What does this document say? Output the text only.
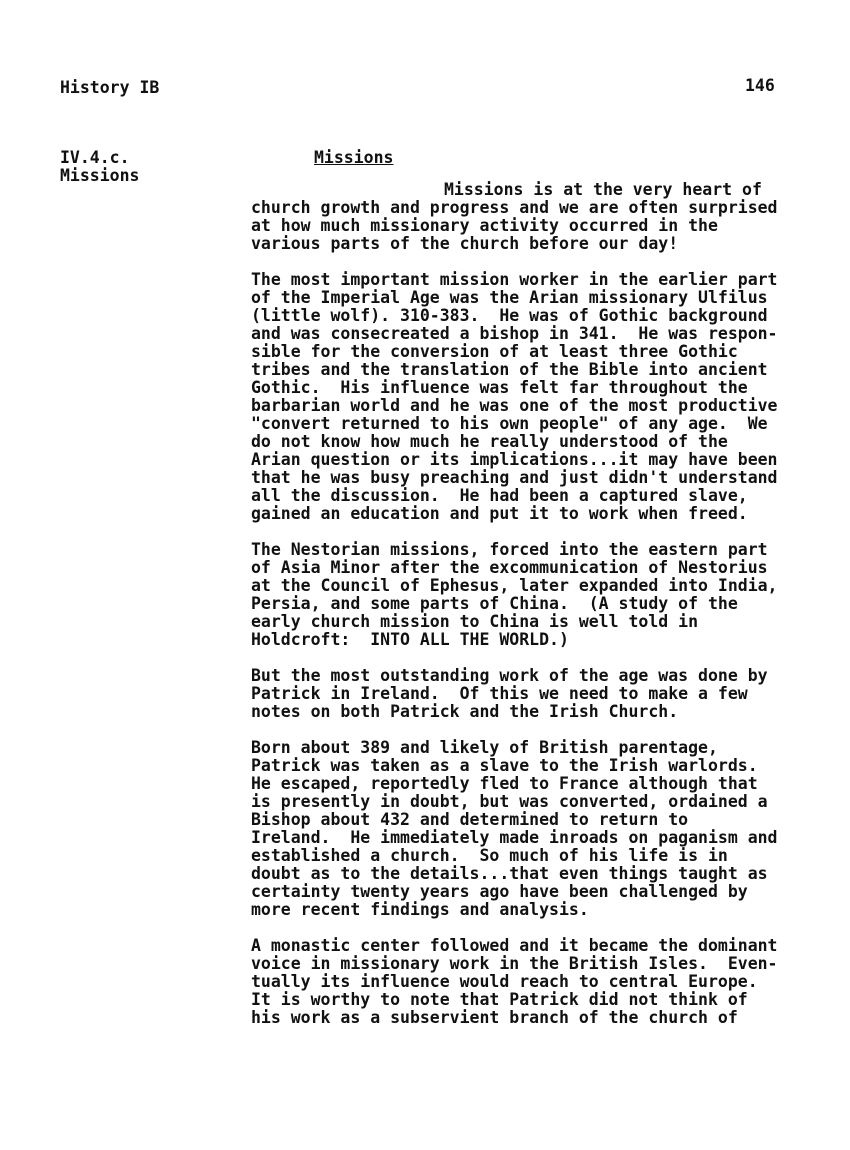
History IB	146
IV.4.c.
Missions
Missions
Missions is at the very heart of
church growth and progress and we are often surprised
at how much missionary activity occurred in the
various parts of the church before our day!
The most important mission worker in the earlier part
of the Imperial Age was the Arian missionary Ulfilus
(little wolf). 310-383.  He was of Gothic background
and was consecreated a bishop in 341.  He was respon-
sible for the conversion of at least three Gothic
tribes and the translation of the Bible into ancient
Gothic.  His influence was felt far throughout the
barbarian world and he was one of the most productive
"convert returned to his own people" of any age.  We
do not know how much he really understood of the
Arian question or its implications...it may have been
that he was busy preaching and just didn't understand
all the discussion.  He had been a captured slave,
gained an education and put it to work when freed.
The Nestorian missions, forced into the eastern part
of Asia Minor after the excommunication of Nestorius
at the Council of Ephesus, later expanded into India,
Persia, and some parts of China.  (A study of the
early church mission to China is well told in
Holdcroft:  INTO ALL THE WORLD.)
But the most outstanding work of the age was done by
Patrick in Ireland.  Of this we need to make a few
notes on both Patrick and the Irish Church.
Born about 389 and likely of British parentage,
Patrick was taken as a slave to the Irish warlords.
He escaped, reportedly fled to France although that
is presently in doubt, but was converted, ordained a
Bishop about 432 and determined to return to
Ireland.  He immediately made inroads on paganism and
established a church.  So much of his life is in
doubt as to the details...that even things taught as
certainty twenty years ago have been challenged by
more recent findings and analysis.
A monastic center followed and it became the dominant
voice in missionary work in the British Isles.  Even-
tually its influence would reach to central Europe.
It is worthy to note that Patrick did not think of
his work as a subservient branch of the church of
